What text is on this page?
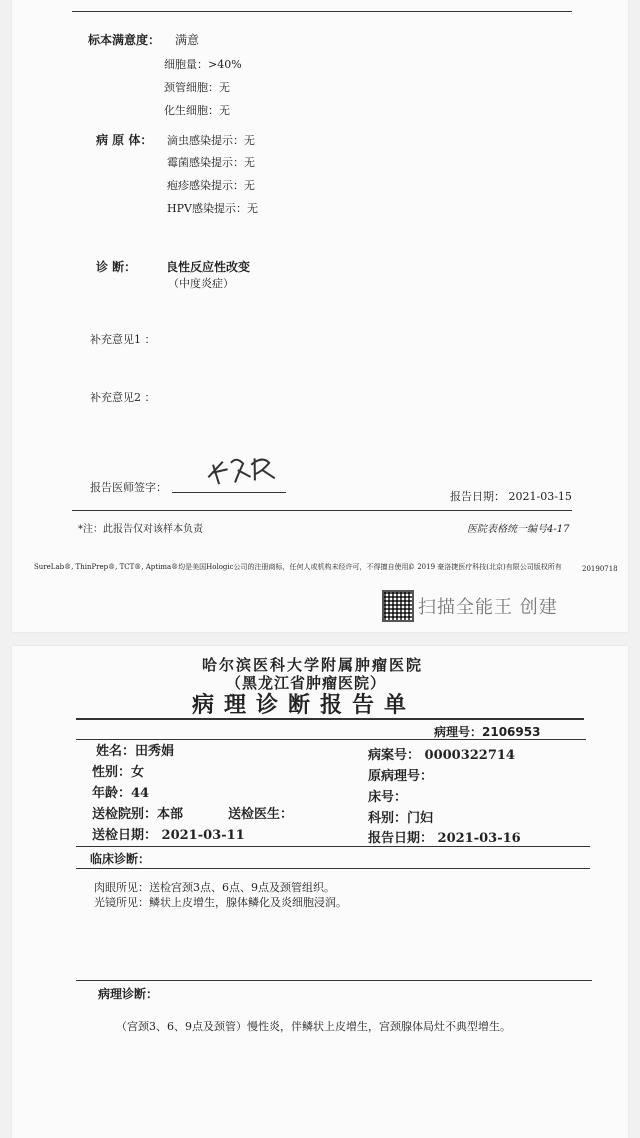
标本满意度： 满意
细胞量：>40%
颈管细胞：无
化生细胞：无
病 原 体： 滴虫感染提示：无
霉菌感染提示：无
疱疹感染提示：无
HPV感染提示：无
诊 断： 良性反应性改变
（中度炎症）
补充意见1 ：
补充意见2 ：
报告医师签字：
报告日期： 2021-03-15
*注：此报告仅对该样本负责	医院表格统一编号4-17
SureLab®, ThinPrep®, TCT®, Aptima®均是美国Hologic公司的注册商标，任何人或机构未经许可，不得擅自使用。
© 2019 豪洛捷医疗科技(北京)有限公司版权所有	20190718
扫描全能王 创建
哈尔滨医科大学附属肿瘤医院
（黑龙江省肿瘤医院）
病理诊断报告单
病理号：2106953
姓名：田秀娟
性别：女
年龄：44
送检院别：本部	送检医生：
送检日期： 2021-03-11
病案号： 0000322714
原病理号：
床号：
科别：门妇
报告日期： 2021-03-16
临床诊断：
肉眼所见：送检宫颈3点、6点、9点及颈管组织。
光镜所见：鳞状上皮增生，腺体鳞化及炎细胞浸润。
病理诊断：
（宫颈3、6、9点及颈管）慢性炎，伴鳞状上皮增生，宫颈腺体局灶不典型增生。
